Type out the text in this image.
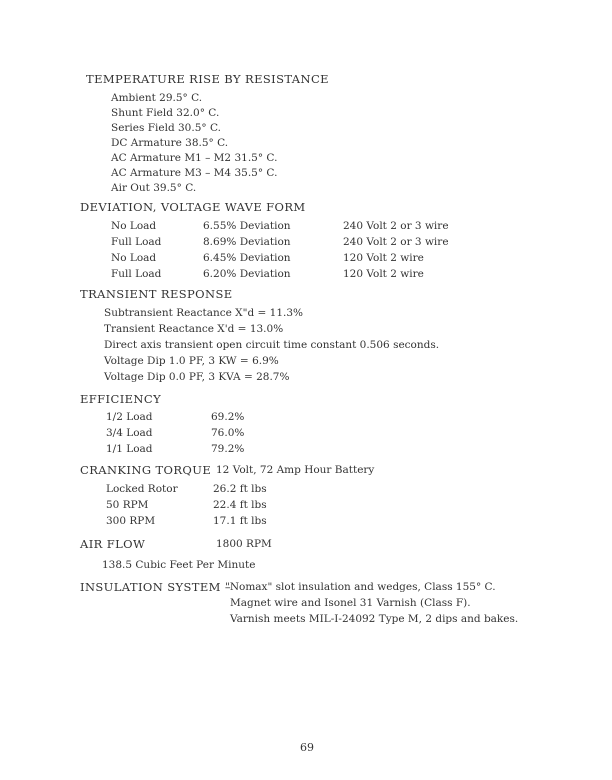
TEMPERATURE RISE BY RESISTANCE
Ambient 29.5° C.
Shunt Field 32.0° C.
Series Field 30.5° C.
DC Armature 38.5° C.
AC Armature M1 – M2 31.5° C.
AC Armature M3 – M4 35.5° C.
Air Out 39.5° C.
DEVIATION, VOLTAGE WAVE FORM
No Load	6.55% Deviation	240 Volt 2 or 3 wire
Full Load	8.69% Deviation	240 Volt 2 or 3 wire
No Load	6.45% Deviation	120 Volt 2 wire
Full Load	6.20% Deviation	120 Volt 2 wire
TRANSIENT RESPONSE
Subtransient Reactance X"d = 11.3%
Transient Reactance X'd = 13.0%
Direct axis transient open circuit time constant 0.506 seconds.
Voltage Dip 1.0 PF, 3 KW = 6.9%
Voltage Dip 0.0 PF, 3 KVA = 28.7%
EFFICIENCY
1/2 Load	69.2%
3/4 Load	76.0%
1/1 Load	79.2%
CRANKING TORQUE 12 Volt, 72 Amp Hour Battery
Locked Rotor	26.2 ft lbs
50 RPM	22.4 ft lbs
300 RPM	17.1 ft lbs
AIR FLOW	1800 RPM
138.5 Cubic Feet Per Minute
INSULATION SYSTEM –
"Nomax" slot insulation and wedges, Class 155° C.
Magnet wire and Isonel 31 Varnish (Class F).
Varnish meets MIL-I-24092 Type M, 2 dips and bakes.
69
